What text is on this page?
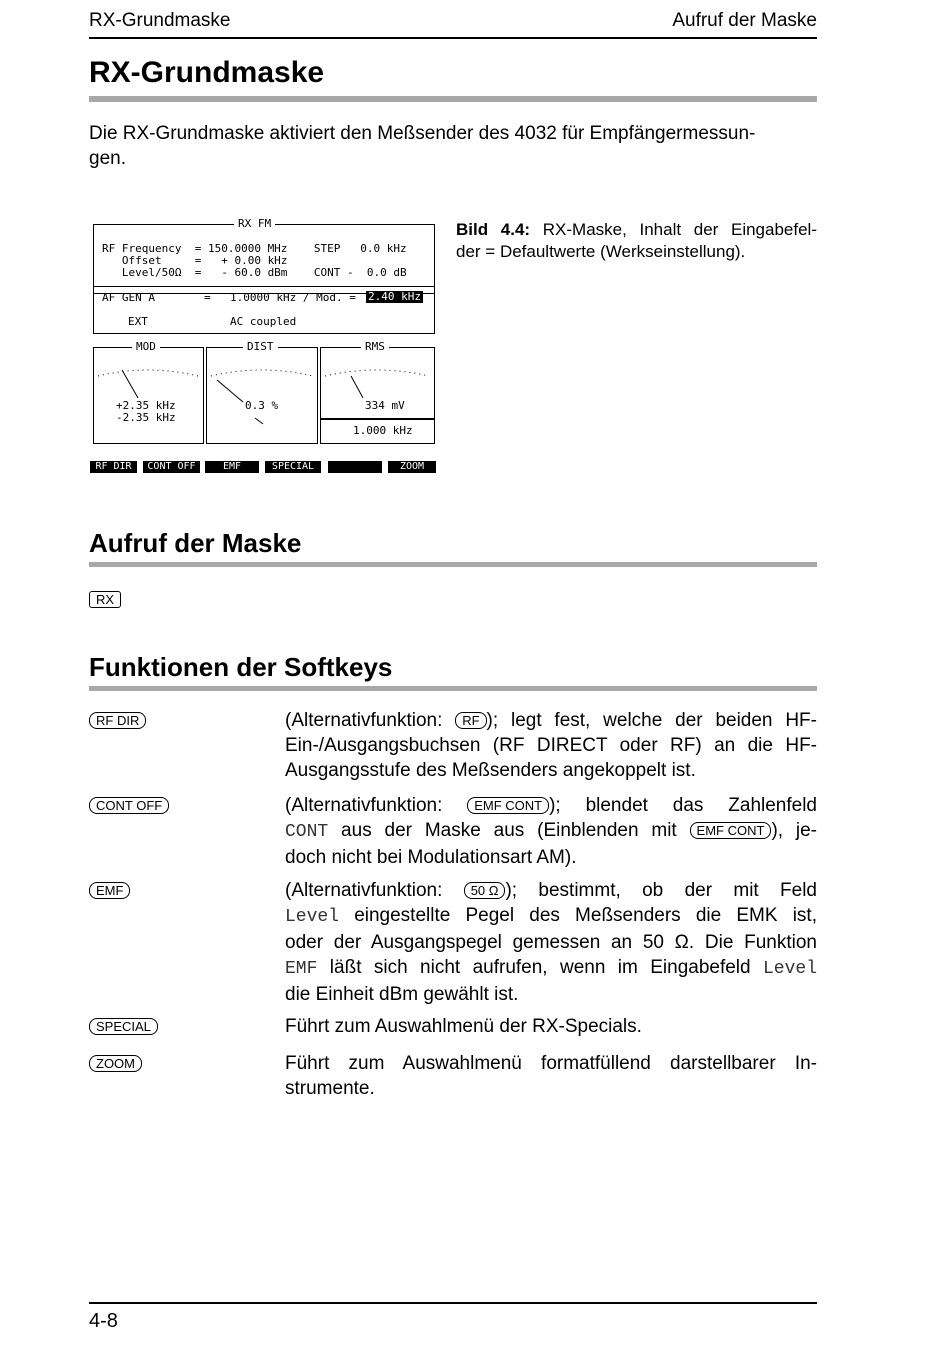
RX-Grundmaske	Aufruf der Maske
RX-Grundmaske
Die RX-Grundmaske aktiviert den Meßsender des 4032 für Empfängermessun-
gen.
RX FM
RF Frequency  = 150.0000 MHz    STEP   0.0 kHz
Offset     =   + 0.00 kHz
Level/50Ω  =   - 60.0 dBm    CONT -  0.0 dB
AF GEN A	= 1.0000 kHz / Mod. = 2.40 kHz
EXT	AC coupled
MOD
+2.35 kHz
-2.35 kHz
DIST
0.3 %
RMS
334 mV
1.000 kHz
RF DIR	CONT OFF	EMF	SPECIAL	ZOOM
Bild 4.4: RX-Maske, Inhalt der Eingabefel-
der = Defaultwerte (Werkseinstellung).
Aufruf der Maske
RX
Funktionen der Softkeys
RF DIR	(Alternativfunktion: RF ); legt fest, welche der beiden HF-
Ein-/Ausgangsbuchsen (RF DIRECT oder RF) an die HF-
Ausgangsstufe des Meßsenders angekoppelt ist.
CONT OFF	(Alternativfunktion: EMF CONT ); blendet das Zahlenfeld
CONT aus der Maske aus (Einblenden mit EMF CONT ), je-
doch nicht bei Modulationsart AM).
EMF	(Alternativfunktion: 50 Ω ); bestimmt, ob der mit Feld
Level eingestellte Pegel des Meßsenders die EMK ist,
oder der Ausgangspegel gemessen an 50 Ω. Die Funktion
EMF läßt sich nicht aufrufen, wenn im Eingabefeld Level
die Einheit dBm gewählt ist.
SPECIAL	Führt zum Auswahlmenü der RX-Specials.
ZOOM	Führt zum Auswahlmenü formatfüllend darstellbarer In-
strumente.
4-8
